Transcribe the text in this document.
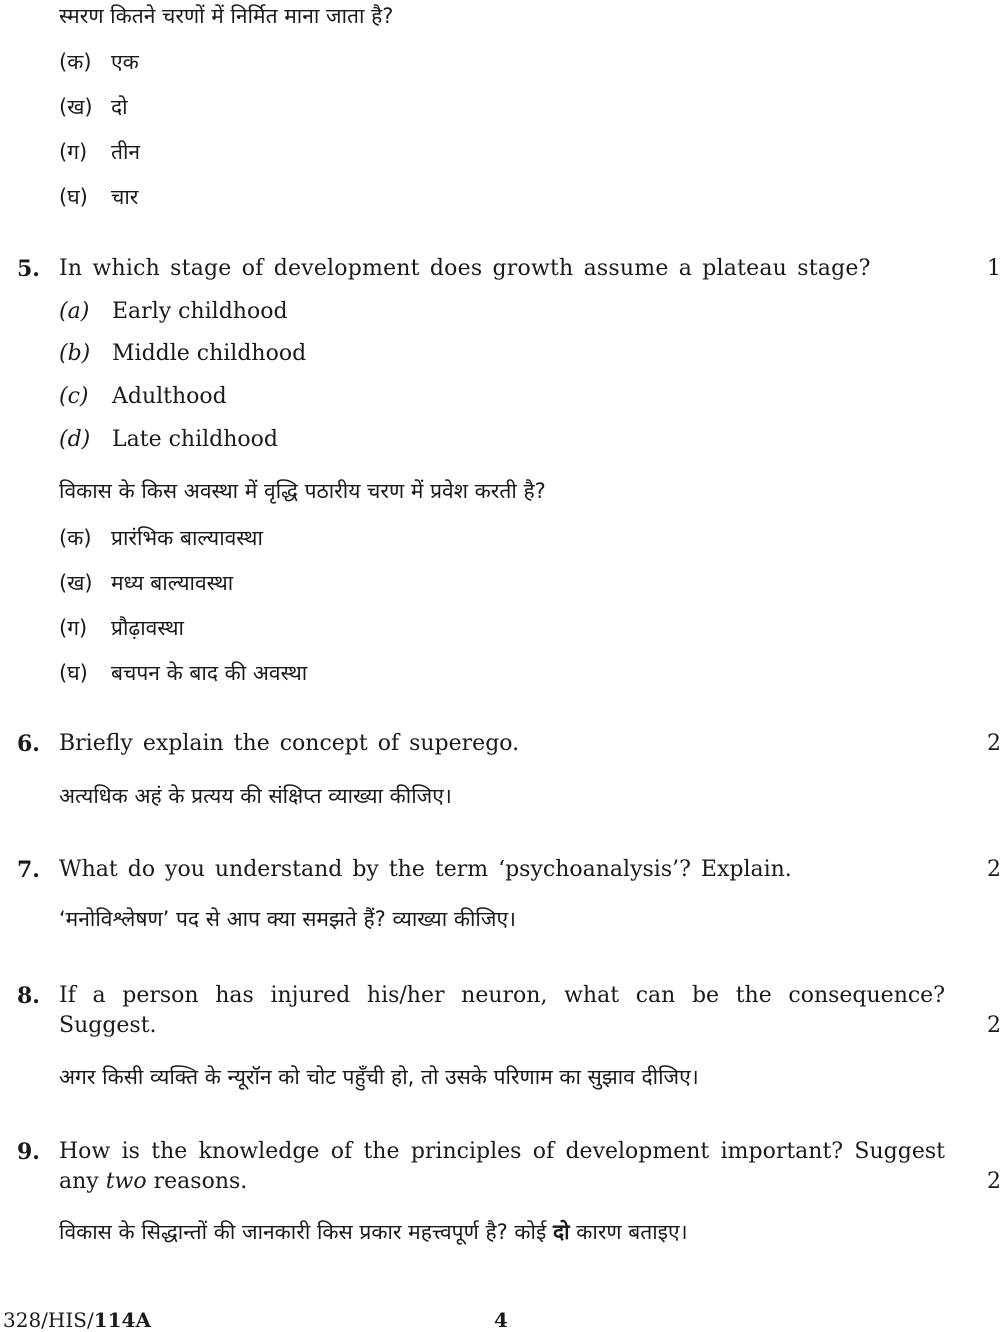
स्मरण कितने चरणों में निर्मित माना जाता है?
(क) एक
(ख) दो
(ग) तीन
(घ) चार
5. In which stage of development does growth assume a plateau stage?	1
(a) Early childhood
(b) Middle childhood
(c) Adulthood
(d) Late childhood
विकास के किस अवस्था में वृद्धि पठारीय चरण में प्रवेश करती है?
(क) प्रारंभिक बाल्यावस्था
(ख) मध्य बाल्यावस्था
(ग) प्रौढ़ावस्था
(घ) बचपन के बाद की अवस्था
6. Briefly explain the concept of superego.	2
अत्यधिक अहं के प्रत्यय की संक्षिप्त व्याख्या कीजिए।
7. What do you understand by the term ‘psychoanalysis’? Explain.	2
‘मनोविश्लेषण’ पद से आप क्या समझते हैं? व्याख्या कीजिए।
8. If a person has injured his/her neuron, what can be the consequence?
Suggest.	2
अगर किसी व्यक्ति के न्यूरॉन को चोट पहुँची हो, तो उसके परिणाम का सुझाव दीजिए।
9. How is the knowledge of the principles of development important? Suggest
any two reasons.	2
विकास के सिद्धान्तों की जानकारी किस प्रकार महत्त्वपूर्ण है? कोई दो कारण बताइए।
328/HIS/114A	4
